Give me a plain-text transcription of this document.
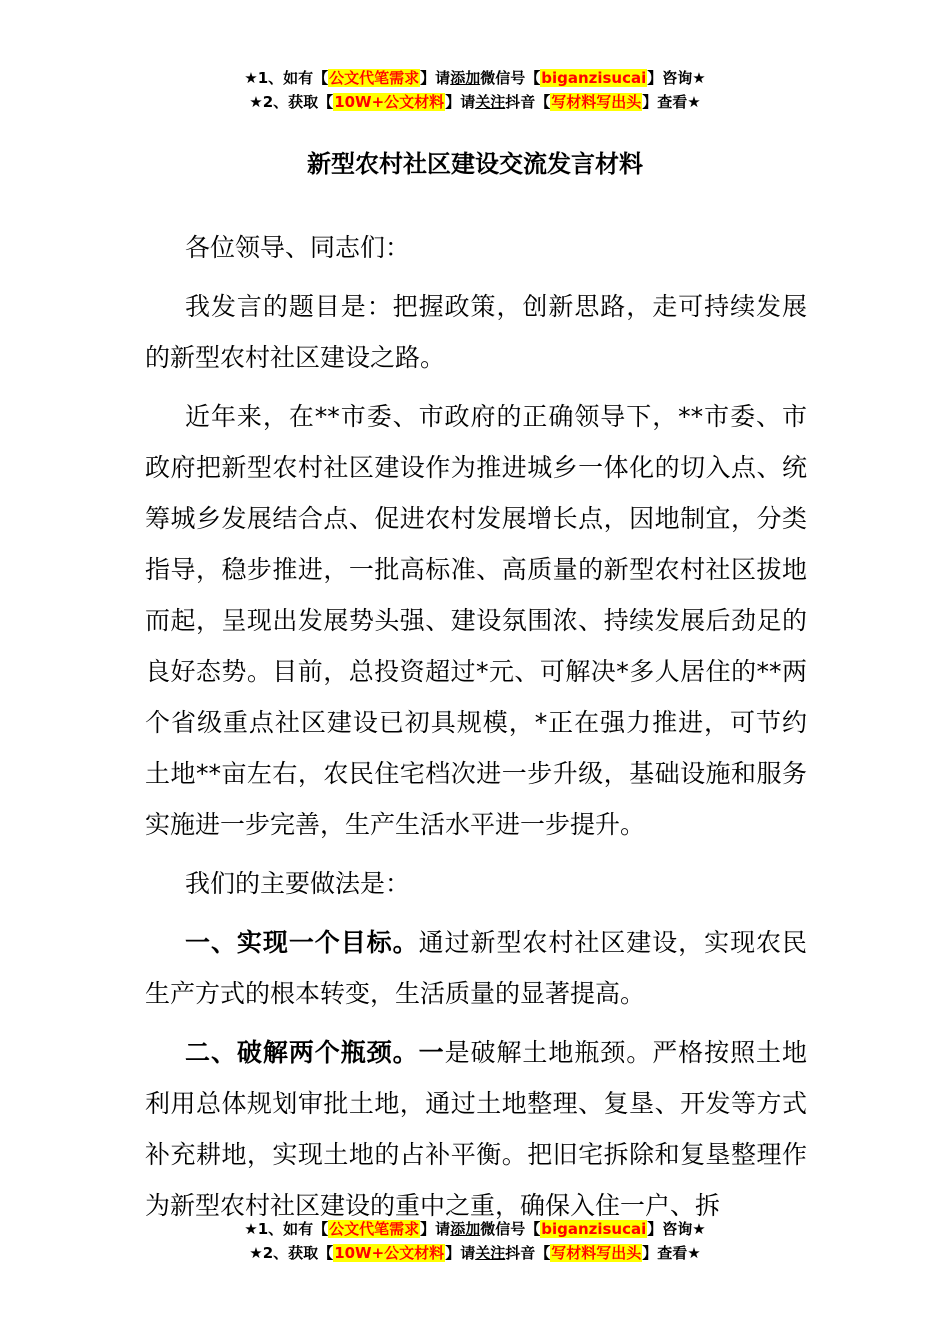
★1、如有【公文代笔需求】请添加微信号【biganzisucai】咨询★
★2、获取【10W+公文材料】请关注抖音【写材料写出头】查看★
新型农村社区建设交流发言材料

各位领导、同志们：

我发言的题目是：把握政策，创新思路，走可持续发展的新型农村社区建设之路。

近年来，在**市委、市政府的正确领导下，**市委、市政府把新型农村社区建设作为推进城乡一体化的切入点、统筹城乡发展结合点、促进农村发展增长点，因地制宜，分类指导，稳步推进，一批高标准、高质量的新型农村社区拔地而起，呈现出发展势头强、建设氛围浓、持续发展后劲足的良好态势。目前，总投资超过*元、可解决*多人居住的**两个省级重点社区建设已初具规模，*正在强力推进，可节约土地**亩左右，农民住宅档次进一步升级，基础设施和服务实施进一步完善，生产生活水平进一步提升。

我们的主要做法是：

一、实现一个目标。通过新型农村社区建设，实现农民生产方式的根本转变，生活质量的显著提高。

二、破解两个瓶颈。一是破解土地瓶颈。严格按照土地利用总体规划审批土地，通过土地整理、复垦、开发等方式补充耕地，实现土地的占补平衡。把旧宅拆除和复垦整理作为新型农村社区建设的重中之重，确保入住一户、拆

★1、如有【公文代笔需求】请添加微信号【biganzisucai】咨询★
★2、获取【10W+公文材料】请关注抖音【写材料写出头】查看★
